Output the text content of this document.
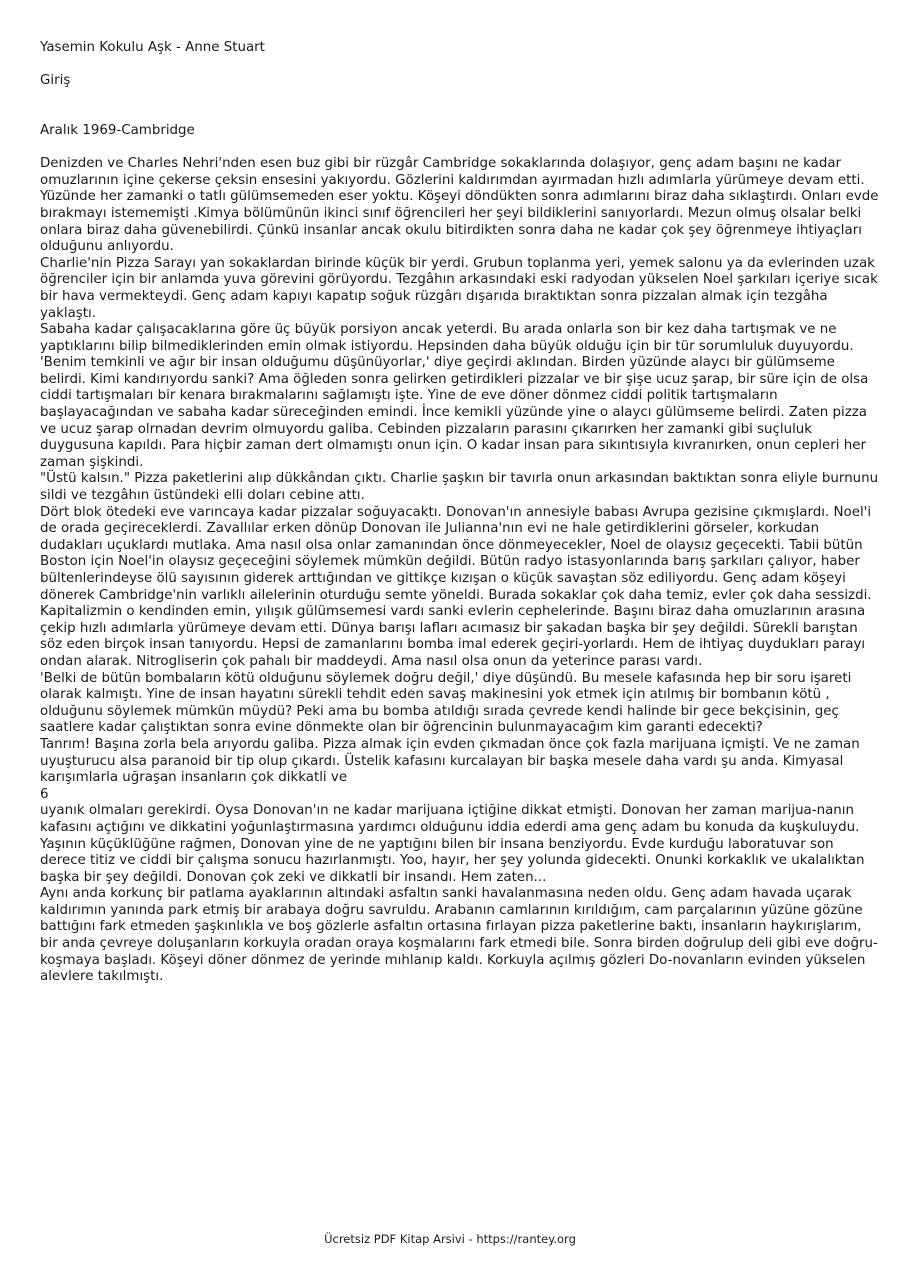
Yasemin Kokulu Aşk - Anne Stuart

Giriş

Aralık 1969-Cambridge

Denizden ve Charles Nehri'nden esen buz gibi bir rüzgâr Cambridge sokaklarında dolaşıyor, genç adam başını ne kadar omuzlarının içine çekerse çeksin ensesini yakıyordu. Gözlerini kaldırımdan ayırmadan hızlı adımlarla yürümeye devam etti. Yüzünde her zamanki o tatlı gülümsemeden eser yoktu. Köşeyi döndükten sonra adımlarını biraz daha sıklaştırdı. Onları evde bırakmayı istememişti .Kimya bölümünün ikinci sınıf öğrencileri her şeyi bildiklerini sanıyorlardı. Mezun olmuş olsalar belki onlara biraz daha güvenebilirdi. Çünkü insanlar ancak okulu bitirdikten sonra daha ne kadar çok şey öğrenmeye ihtiyaçları olduğunu anlıyordu.

Charlie'nin Pizza Sarayı yan sokaklardan birinde küçük bir yerdi. Grubun toplanma yeri, yemek salonu ya da evlerinden uzak öğrenciler için bir anlamda yuva görevini görüyordu. Tezgâhın arkasındaki eski radyodan yükselen Noel şarkıları içeriye sıcak bir hava vermekteydi. Genç adam kapıyı kapatıp soğuk rüzgârı dışarıda bıraktıktan sonra pizzalan almak için tezgâha yaklaştı.

Sabaha kadar çalışacaklarına göre üç büyük porsiyon ancak yeterdi. Bu arada onlarla son bir kez daha tartışmak ve ne yaptıklarını bilip bilmediklerinden emin olmak istiyordu. Hepsinden daha büyük olduğu için bir tür sorumluluk duyuyordu.

'Benim temkinli ve ağır bir insan olduğumu düşünüyorlar,' diye geçirdi aklından. Birden yüzünde alaycı bir gülümseme belirdi. Kimi kandırıyordu sanki? Ama öğleden sonra gelirken getirdikleri pizzalar ve bir şişe ucuz şarap, bir süre için de olsa ciddi tartışmaları bir kenara bırakmalarını sağlamıştı işte. Yine de eve döner dönmez ciddi politik tartışmaların başlayacağından ve sabaha kadar süreceğinden emindi. İnce kemikli yüzünde yine o alaycı gülümseme belirdi. Zaten pizza ve ucuz şarap olrnadan devrim olmuyordu galiba. Cebinden pizzaların parasını çıkarırken her zamanki gibi suçluluk duygusuna kapıldı. Para hiçbir zaman dert olmamıştı onun için. O kadar insan para sıkıntısıyla kıvranırken, onun cepleri her zaman şişkindi.

"Üstü kalsın." Pizza paketlerini alıp dükkândan çıktı. Charlie şaşkın bir tavırla onun arkasından baktıktan sonra eliyle burnunu sildi ve tezgâhın üstündeki elli doları cebine attı.

Dört blok ötedeki eve varıncaya kadar pizzalar soğuyacaktı. Donovan'ın annesiyle babası Avrupa gezisine çıkmışlardı. Noel'i de orada geçireceklerdi. Zavallılar erken dönüp Donovan ile Julianna'nın evi ne hale getirdiklerini görseler, korkudan dudakları uçuklardı mutlaka. Ama nasıl olsa onlar zamanından önce dönmeyecekler, Noel de olaysız geçecekti. Tabii bütün Boston için Noel'in olaysız geçeceğini söylemek mümkün değildi. Bütün radyo istasyonlarında barış şarkıları çalıyor, haber bültenlerindeyse ölü sayısının giderek arttığından ve gittikçe kızışan o küçük savaştan söz ediliyordu. Genç adam köşeyi dönerek Cambridge'nin varlıklı ailelerinin oturduğu semte yöneldi. Burada sokaklar çok daha temiz, evler çok daha sessizdi. Kapitalizmin o kendinden emin, yılışık gülümsemesi vardı sanki evlerin cephelerinde. Başını biraz daha omuzlarının arasına çekip hızlı adımlarla yürümeye devam etti. Dünya barışı lafları acımasız bir şakadan başka bir şey değildi. Sürekli barıştan söz eden birçok insan tanıyordu. Hepsi de zamanlarını bomba imal ederek geçiri-yorlardı. Hem de ihtiyaç duydukları parayı ondan alarak. Nitrogliserin çok pahalı bir maddeydi. Ama nasıl olsa onun da yeterince parası vardı.

'Belki de bütün bombaların kötü olduğunu söylemek doğru değil,' diye düşündü. Bu mesele kafasında hep bir soru işareti olarak kalmıştı. Yine de insan hayatını sürekli tehdit eden savaş makinesini yok etmek için atılmış bir bombanın kötü , olduğunu söylemek mümkün müydü? Peki ama bu bomba atıldığı sırada çevrede kendi halinde bir gece bekçisinin, geç saatlere kadar çalıştıktan sonra evine dönmekte olan bir öğrencinin bulunmayacağım kim garanti edecekti?

Tanrım! Başına zorla bela arıyordu galiba. Pizza almak için evden çıkmadan önce çok fazla marijuana içmişti. Ve ne zaman uyuşturucu alsa paranoid bir tip olup çıkardı. Üstelik kafasını kurcalayan bir başka mesele daha vardı şu anda. Kimyasal karışımlarla uğraşan insanların çok dikkatli ve

6

uyanık olmaları gerekirdi. Oysa Donovan'ın ne kadar marijuana içtiğine dikkat etmişti. Donovan her zaman marijua-nanın kafasını açtığını ve dikkatini yoğunlaştırmasına yardımcı olduğunu iddia ederdi ama genç adam bu konuda da kuşkuluydu. Yaşının küçüklüğüne rağmen, Donovan yine de ne yaptığını bilen bir insana benziyordu. Evde kurduğu laboratuvar son derece titiz ve ciddi bir çalışma sonucu hazırlanmıştı. Yoo, hayır, her şey yolunda gidecekti. Onunki korkaklık ve ukalalıktan başka bir şey değildi. Donovan çok zeki ve dikkatli bir insandı. Hem zaten...

Aynı anda korkunç bir patlama ayaklarının altındaki asfaltın sanki havalanmasına neden oldu. Genç adam havada uçarak kaldırımın yanında park etmiş bir arabaya doğru savruldu. Arabanın camlarının kırıldığım, cam parçalarının yüzüne gözüne battığını fark etmeden şaşkınlıkla ve boş gözlerle asfaltın ortasına fırlayan pizza paketlerine baktı, insanların haykırışlarım, bir anda çevreye doluşanların korkuyla oradan oraya koşmalarını fark etmedi bile. Sonra birden doğrulup deli gibi eve doğru-koşmaya başladı. Köşeyi döner dönmez de yerinde mıhlanıp kaldı. Korkuyla açılmış gözleri Do-novanların evinden yükselen alevlere takılmıştı.

Ücretsiz PDF Kitap Arsivi - https://rantey.org
